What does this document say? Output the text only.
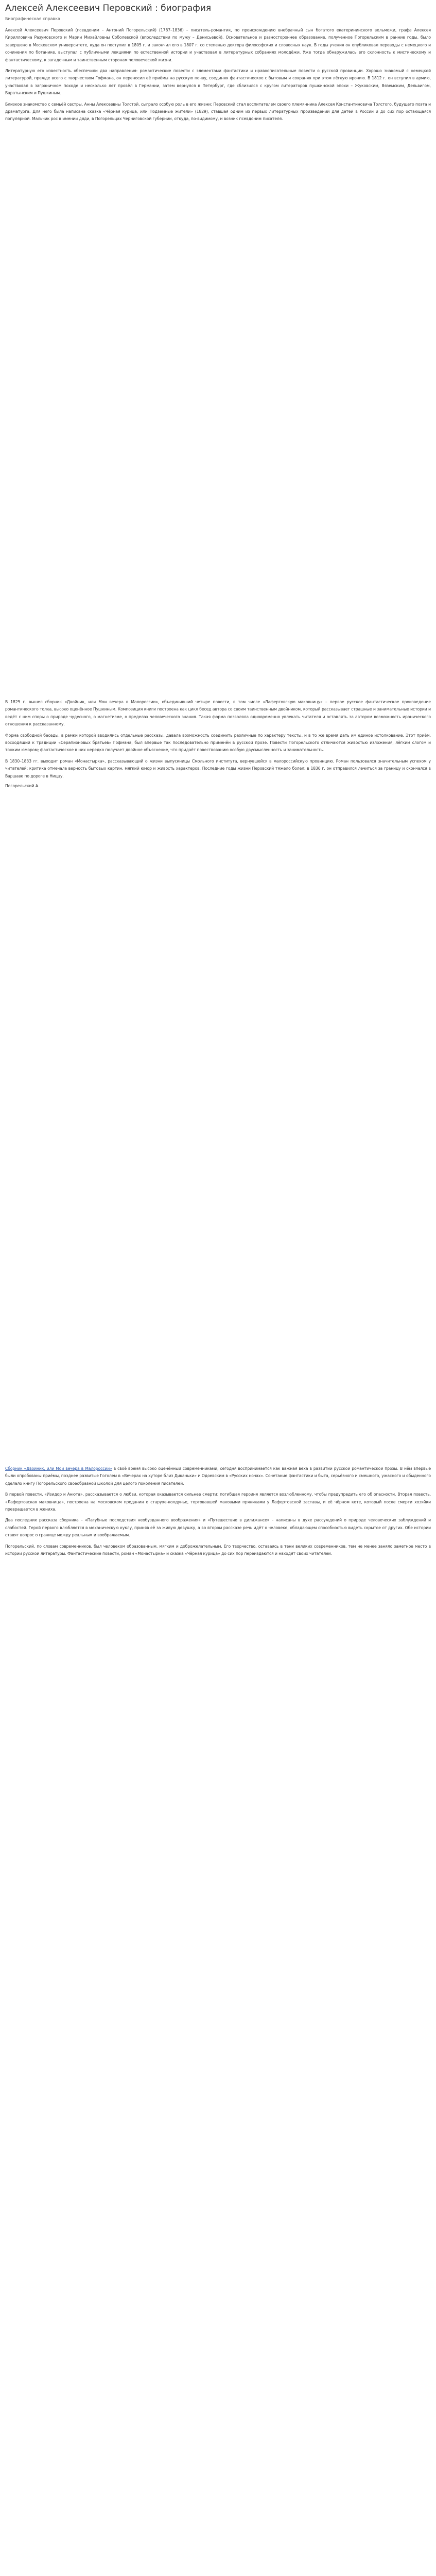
Алексей Алексеевич Перовский : биография
Биографическая справка

Алексей Алексеевич Перовский (псевдоним – Антоний Погорельский) (1787–1836) – писатель-романтик, по происхождению внебрачный сын богатого екатерининского вельможи, графа Алексея Кирилловича Разумовского и Марии Михайловны Соболевской (впоследствии по мужу – Денисьевой). Основательное и разностороннее образование, полученное Погорельским в ранние годы, было завершено в Московском университете, куда он поступил в 1805 г. и закончил его в 1807 г. со степенью доктора философских и словесных наук. В годы учения он опубликовал переводы с немецкого и сочинения по ботанике, выступал с публичными лекциями по естественной истории и участвовал в литературных собраниях молодёжи. Уже тогда обнаружилась его склонность к мистическому и фантастическому, к загадочным и таинственным сторонам человеческой жизни.

Литературную его известность обеспечили два направления: романтические повести с элементами фантастики и нравоописательные повести о русской провинции. Хорошо знакомый с немецкой литературой, прежде всего с творчеством Гофмана, он переносил её приёмы на русскую почву, соединяя фантастическое с бытовым и сохраняя при этом лёгкую иронию. В 1812 г. он вступил в армию, участвовал в заграничном походе и несколько лет провёл в Германии, затем вернулся в Петербург, где сблизился с кругом литераторов пушкинской эпохи – Жуковским, Вяземским, Дельвигом, Баратынским и Пушкиным.

Близкое знакомство с семьёй сестры, Анны Алексеевны Толстой, сыграло особую роль в его жизни: Перовский стал воспитателем своего племянника Алексея Константиновича Толстого, будущего поэта и драматурга. Для него была написана сказка «Чёрная курица, или Подземные жители» (1829), ставшая одним из первых литературных произведений для детей в России и до сих пор остающаяся популярной. Мальчик рос в имении дяди, в Погорельцах Черниговской губернии, откуда, по-видимому, и возник псевдоним писателя.

В 1825 г. вышел сборник «Двойник, или Мои вечера в Малороссии», объединивший четыре повести, в том числе «Лафертовскую маковницу» – первое русское фантастическое произведение романтического толка, высоко оценённое Пушкиным. Композиция книги построена как цикл бесед автора со своим таинственным двойником, который рассказывает страшные и занимательные истории и ведёт с ним споры о природе чудесного, о магнетизме, о пределах человеческого знания. Такая форма позволяла одновременно увлекать читателя и оставлять за автором возможность иронического отношения к рассказанному.

Форма свободной беседы, в рамки которой вводились отдельные рассказы, давала возможность соединить различные по характеру тексты, и в то же время дать им единое истолкование. Этот приём, восходящий к традиции «Серапионовых братьев» Гофмана, был впервые так последовательно применён в русской прозе. Повести Погорельского отличаются живостью изложения, лёгким слогом и тонким юмором; фантастическое в них нередко получает двойное объяснение, что придаёт повествованию особую двусмысленность и занимательность.

В 1830–1833 гг. выходит роман «Монастырка», рассказывающий о жизни выпускницы Смольного института, вернувшейся в малороссийскую провинцию. Роман пользовался значительным успехом у читателей; критика отмечала верность бытовых картин, мягкий юмор и живость характеров. Последние годы жизни Перовский тяжело болел; в 1836 г. он отправился лечиться за границу и скончался в Варшаве по дороге в Ниццу.

Погорельский А.

Сборник «Двойник, или Мои вечера в Малороссии» в своё время высоко оценённый современниками, сегодня воспринимается как важная веха в развитии русской романтической прозы. В нём впервые были опробованы приёмы, позднее развитые Гоголем в «Вечерах на хуторе близ Диканьки» и Одоевским в «Русских ночах». Сочетание фантастики и быта, серьёзного и смешного, ужасного и обыденного сделало книгу Погорельского своеобразной школой для целого поколения писателей.

В первой повести, «Изидор и Анюта», рассказывается о любви, которая оказывается сильнее смерти: погибшая героиня является возлюбленному, чтобы предупредить его об опасности. Вторая повесть, «Лафертовская маковница», построена на московском предании о старухе-колдунье, торговавшей маковыми пряниками у Лафертовской заставы, и её чёрном коте, который после смерти хозяйки превращается в жениха.

Два последних рассказа сборника – «Пагубные последствия необузданного воображения» и «Путешествие в дилижансе» – написаны в духе рассуждений о природе человеческих заблуждений и слабостей. Герой первого влюбляется в механическую куклу, приняв её за живую девушку, а во втором рассказе речь идёт о человеке, обладающем способностью видеть скрытое от других. Обе истории ставят вопрос о границе между реальным и воображаемым.

Погорельский, по словам современников, был человеком образованным, мягким и доброжелательным. Его творчество, оставаясь в тени великих современников, тем не менее заняло заметное место в истории русской литературы. Фантастические повести, роман «Монастырка» и сказка «Чёрная курица» до сих пор переиздаются и находят своих читателей.
